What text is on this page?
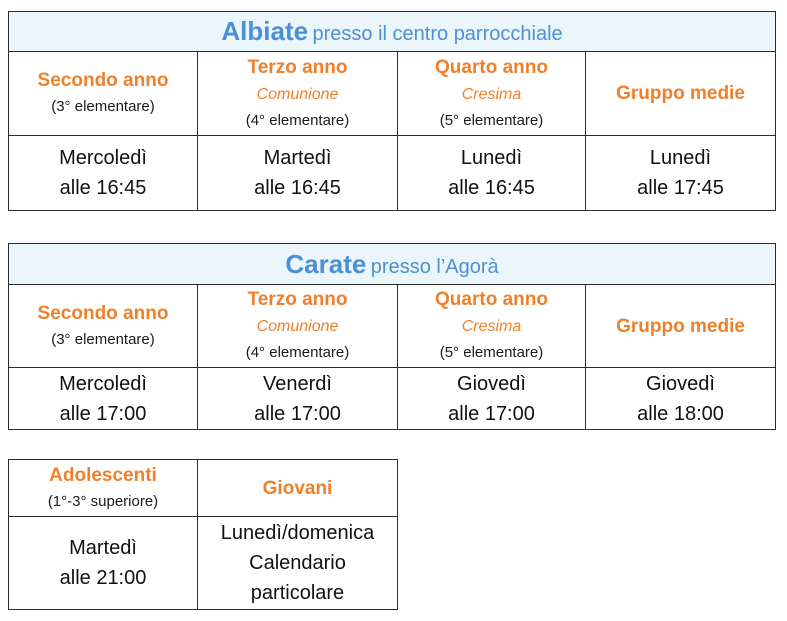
Albiate presso il centro parrocchiale			

Secondo anno
(3° elementare)	Terzo anno
Comunione
(4° elementare)	Quarto anno
Cresima
(5° elementare)	Gruppo medie

Mercoledì
alle 16:45	Martedì
alle 16:45	Lunedì
alle 16:45	Lunedì
alle 17:45
Carate presso l’Agorà			

Secondo anno
(3° elementare)	Terzo anno
Comunione
(4° elementare)	Quarto anno
Cresima
(5° elementare)	Gruppo medie

Mercoledì
alle 17:00	Venerdì
alle 17:00	Giovedì
alle 17:00	Giovedì
alle 18:00
Adolescenti
(1°-3° superiore)	Giovani

Martedì
alle 21:00	Lunedì/domenica
Calendario
particolare
